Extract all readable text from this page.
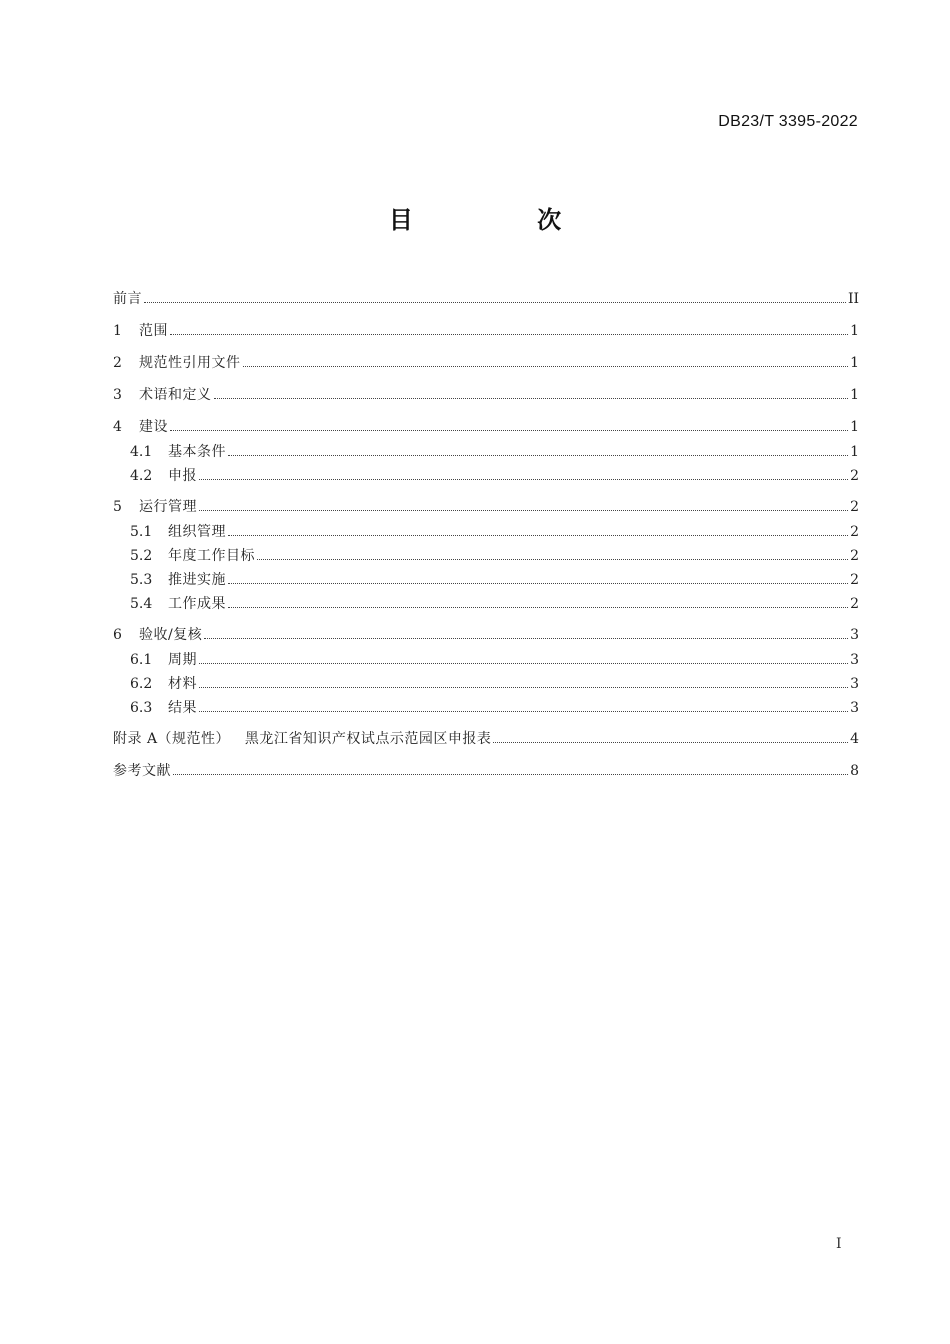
DB23/T 3395-2022
目 次
前言	II
1	范围	1
2	规范性引用文件	1
3	术语和定义	1
4	建设	1
4.1	基本条件	1
4.2	申报	2
5	运行管理	2
5.1	组织管理	2
5.2	年度工作目标	2
5.3	推进实施	2
5.4	工作成果	2
6	验收/复核	3
6.1	周期	3
6.2	材料	3
6.3	结果	3
附录 A（规范性）   黑龙江省知识产权试点示范园区申报表	4
参考文献	8
I
